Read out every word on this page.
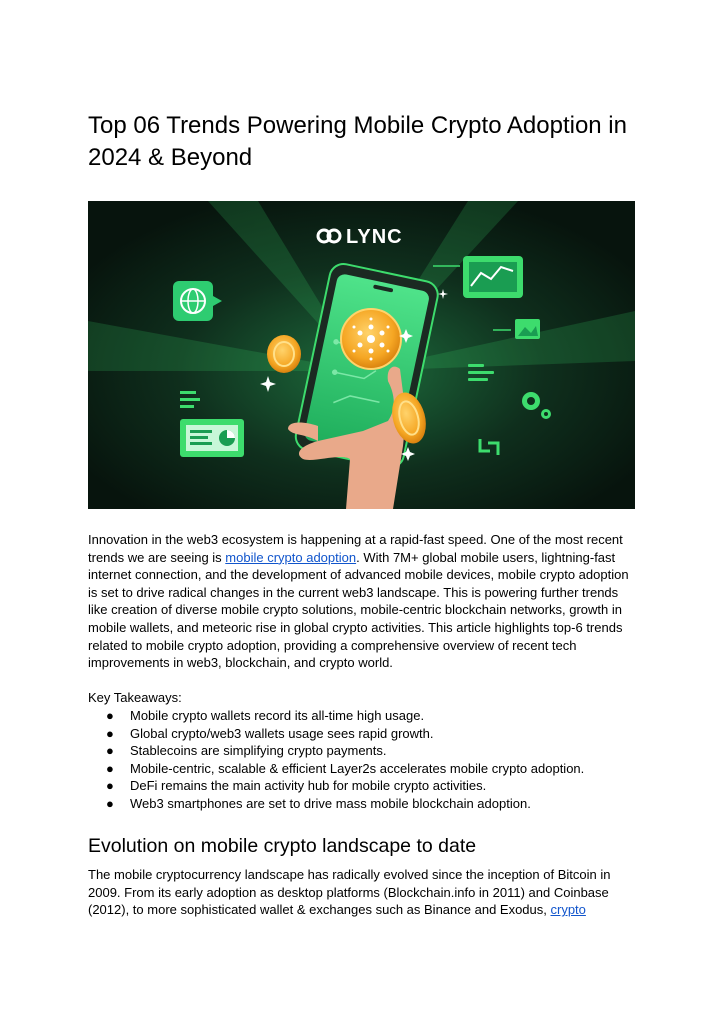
Top 06 Trends Powering Mobile Crypto Adoption in 2024 & Beyond
LYNC

Innovation in the web3 ecosystem is happening at a rapid-fast speed. One of the most recent trends we are seeing is mobile crypto adoption. With 7M+ global mobile users, lightning-fast internet connection, and the development of advanced mobile devices, mobile crypto adoption is set to drive radical changes in the current web3 landscape. This is powering further trends like creation of diverse mobile crypto solutions, mobile-centric blockchain networks, growth in mobile wallets, and meteoric rise in global crypto activities. This article highlights top-6 trends related to mobile crypto adoption, providing a comprehensive overview of recent tech improvements in web3, blockchain, and crypto world.

Key Takeaways:
● Mobile crypto wallets record its all-time high usage.
● Global crypto/web3 wallets usage sees rapid growth.
● Stablecoins are simplifying crypto payments.
● Mobile-centric, scalable & efficient Layer2s accelerates mobile crypto adoption.
● DeFi remains the main activity hub for mobile crypto activities.
● Web3 smartphones are set to drive mass mobile blockchain adoption.
Evolution on mobile crypto landscape to date

The mobile cryptocurrency landscape has radically evolved since the inception of Bitcoin in 2009. From its early adoption as desktop platforms (Blockchain.info in 2011) and Coinbase (2012), to more sophisticated wallet & exchanges such as Binance and Exodus, crypto
